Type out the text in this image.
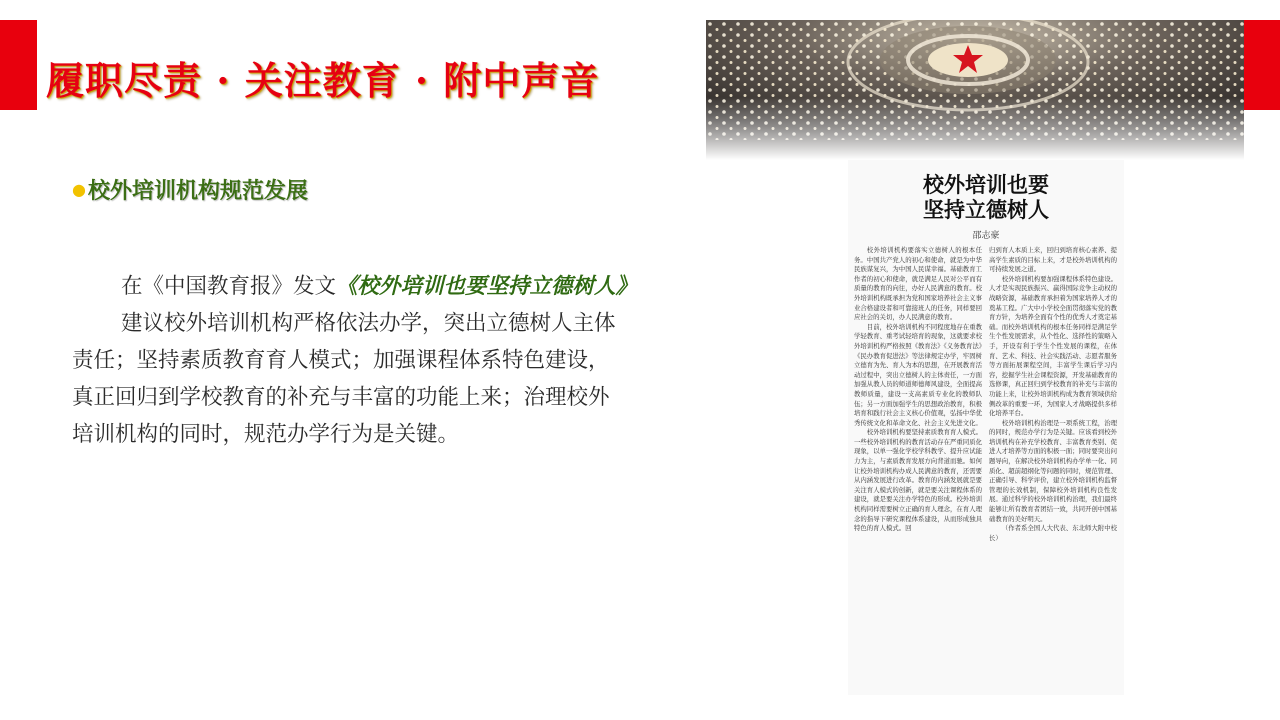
履职尽责 · 关注教育 · 附中声音
●校外培训机构规范发展
在《中国教育报》发文《校外培训也要坚持立德树人》
建议校外培训机构严格依法办学，突出立德树人主体
责任；坚持素质教育育人模式；加强课程体系特色建设，
真正回归到学校教育的补充与丰富的功能上来；治理校外
培训机构的同时，规范办学行为是关键。
校外培训也要
坚持立德树人
邵志豪

校外培训机构要落实立德树人的根本任务。中国共产党人的初心和使命，就是为中华民族谋复兴，为中国人民谋幸福。基础教育工作者的初心和使命，就是满足人民对公平而有质量的教育的向往，办好人民满意的教育。校外培训机构既承担为党和国家培养社会主义事业合格建设者和可靠接班人的任务，同样要回应社会的关切，办人民满意的教育。

目前，校外培训机构不同程度地存在重教学轻教育、重考试轻培育的现象，这就要求校外培训机构严格按照《教育法》《义务教育法》《民办教育促进法》等法律规定办学，牢固树立德育为先、育人为本的思想，在开展教育活动过程中，突出立德树人的主体责任，一方面加强从教人员的师道师德师风建设，全面提高教师质量，建设一支高素质专业化的教师队伍；另一方面加强学生的思想政治教育，积极培育和践行社会主义核心价值观，弘扬中华优秀传统文化和革命文化、社会主义先进文化。

校外培训机构要坚持素质教育育人模式。一些校外培训机构的教育活动存在严重同质化现象，以单一强化学校学科教学、提升应试能力为主，与素质教育发展方向背道而驰。如何让校外培训机构办成人民满意的教育，还需要从内涵发展进行改革。教育的内涵发展就是要关注育人模式的创新，就是要关注课程体系的建设，就是要关注办学特色的形成。校外培训机构同样需要树立正确的育人理念，在育人理念的指导下研究课程体系建设，从而形成独具特色的育人模式。回

归到育人本质上来，回归到培育核心素养、提高学生素质的目标上来，才是校外培训机构的可持续发展之道。

校外培训机构要加强课程体系特色建设。人才是实现民族振兴、赢得国际竞争主动权的战略资源，基础教育承担着为国家培养人才的奠基工程。广大中小学校全面贯彻落实党的教育方针，为培养全面有个性的优秀人才奠定基础。而校外培训机构的根本任务同样是满足学生个性发展需求，从个性化、选择性的策略入手，开设有利于学生个性发展的课程，在体育、艺术、科技、社会实践活动、志愿者服务等方面拓展课程空间，丰富学生课后学习内容，挖掘学生社会课程资源，开发基础教育的选修课，真正回归到学校教育的补充与丰富的功能上来，让校外培训机构成为教育领域供给侧改革的重要一环，为国家人才战略提供多样化培养平台。

校外培训机构治理是一项系统工程，治理的同时，规范办学行为是关键。应该看到校外培训机构在补充学校教育、丰富教育类别、促进人才培养等方面的积极一面；同时要突出问题导向，在解决校外培训机构办学单一化、同质化、超前超纲化等问题的同时，规范管理、正确引导、科学评价，建立校外培训机构监督管理的长效机制，保障校外培训机构良性发展。通过科学的校外培训机构治理，我们最终能够让所有教育者团结一致，共同开创中国基础教育的美好明天。

（作者系全国人大代表、东北师大附中校长）
